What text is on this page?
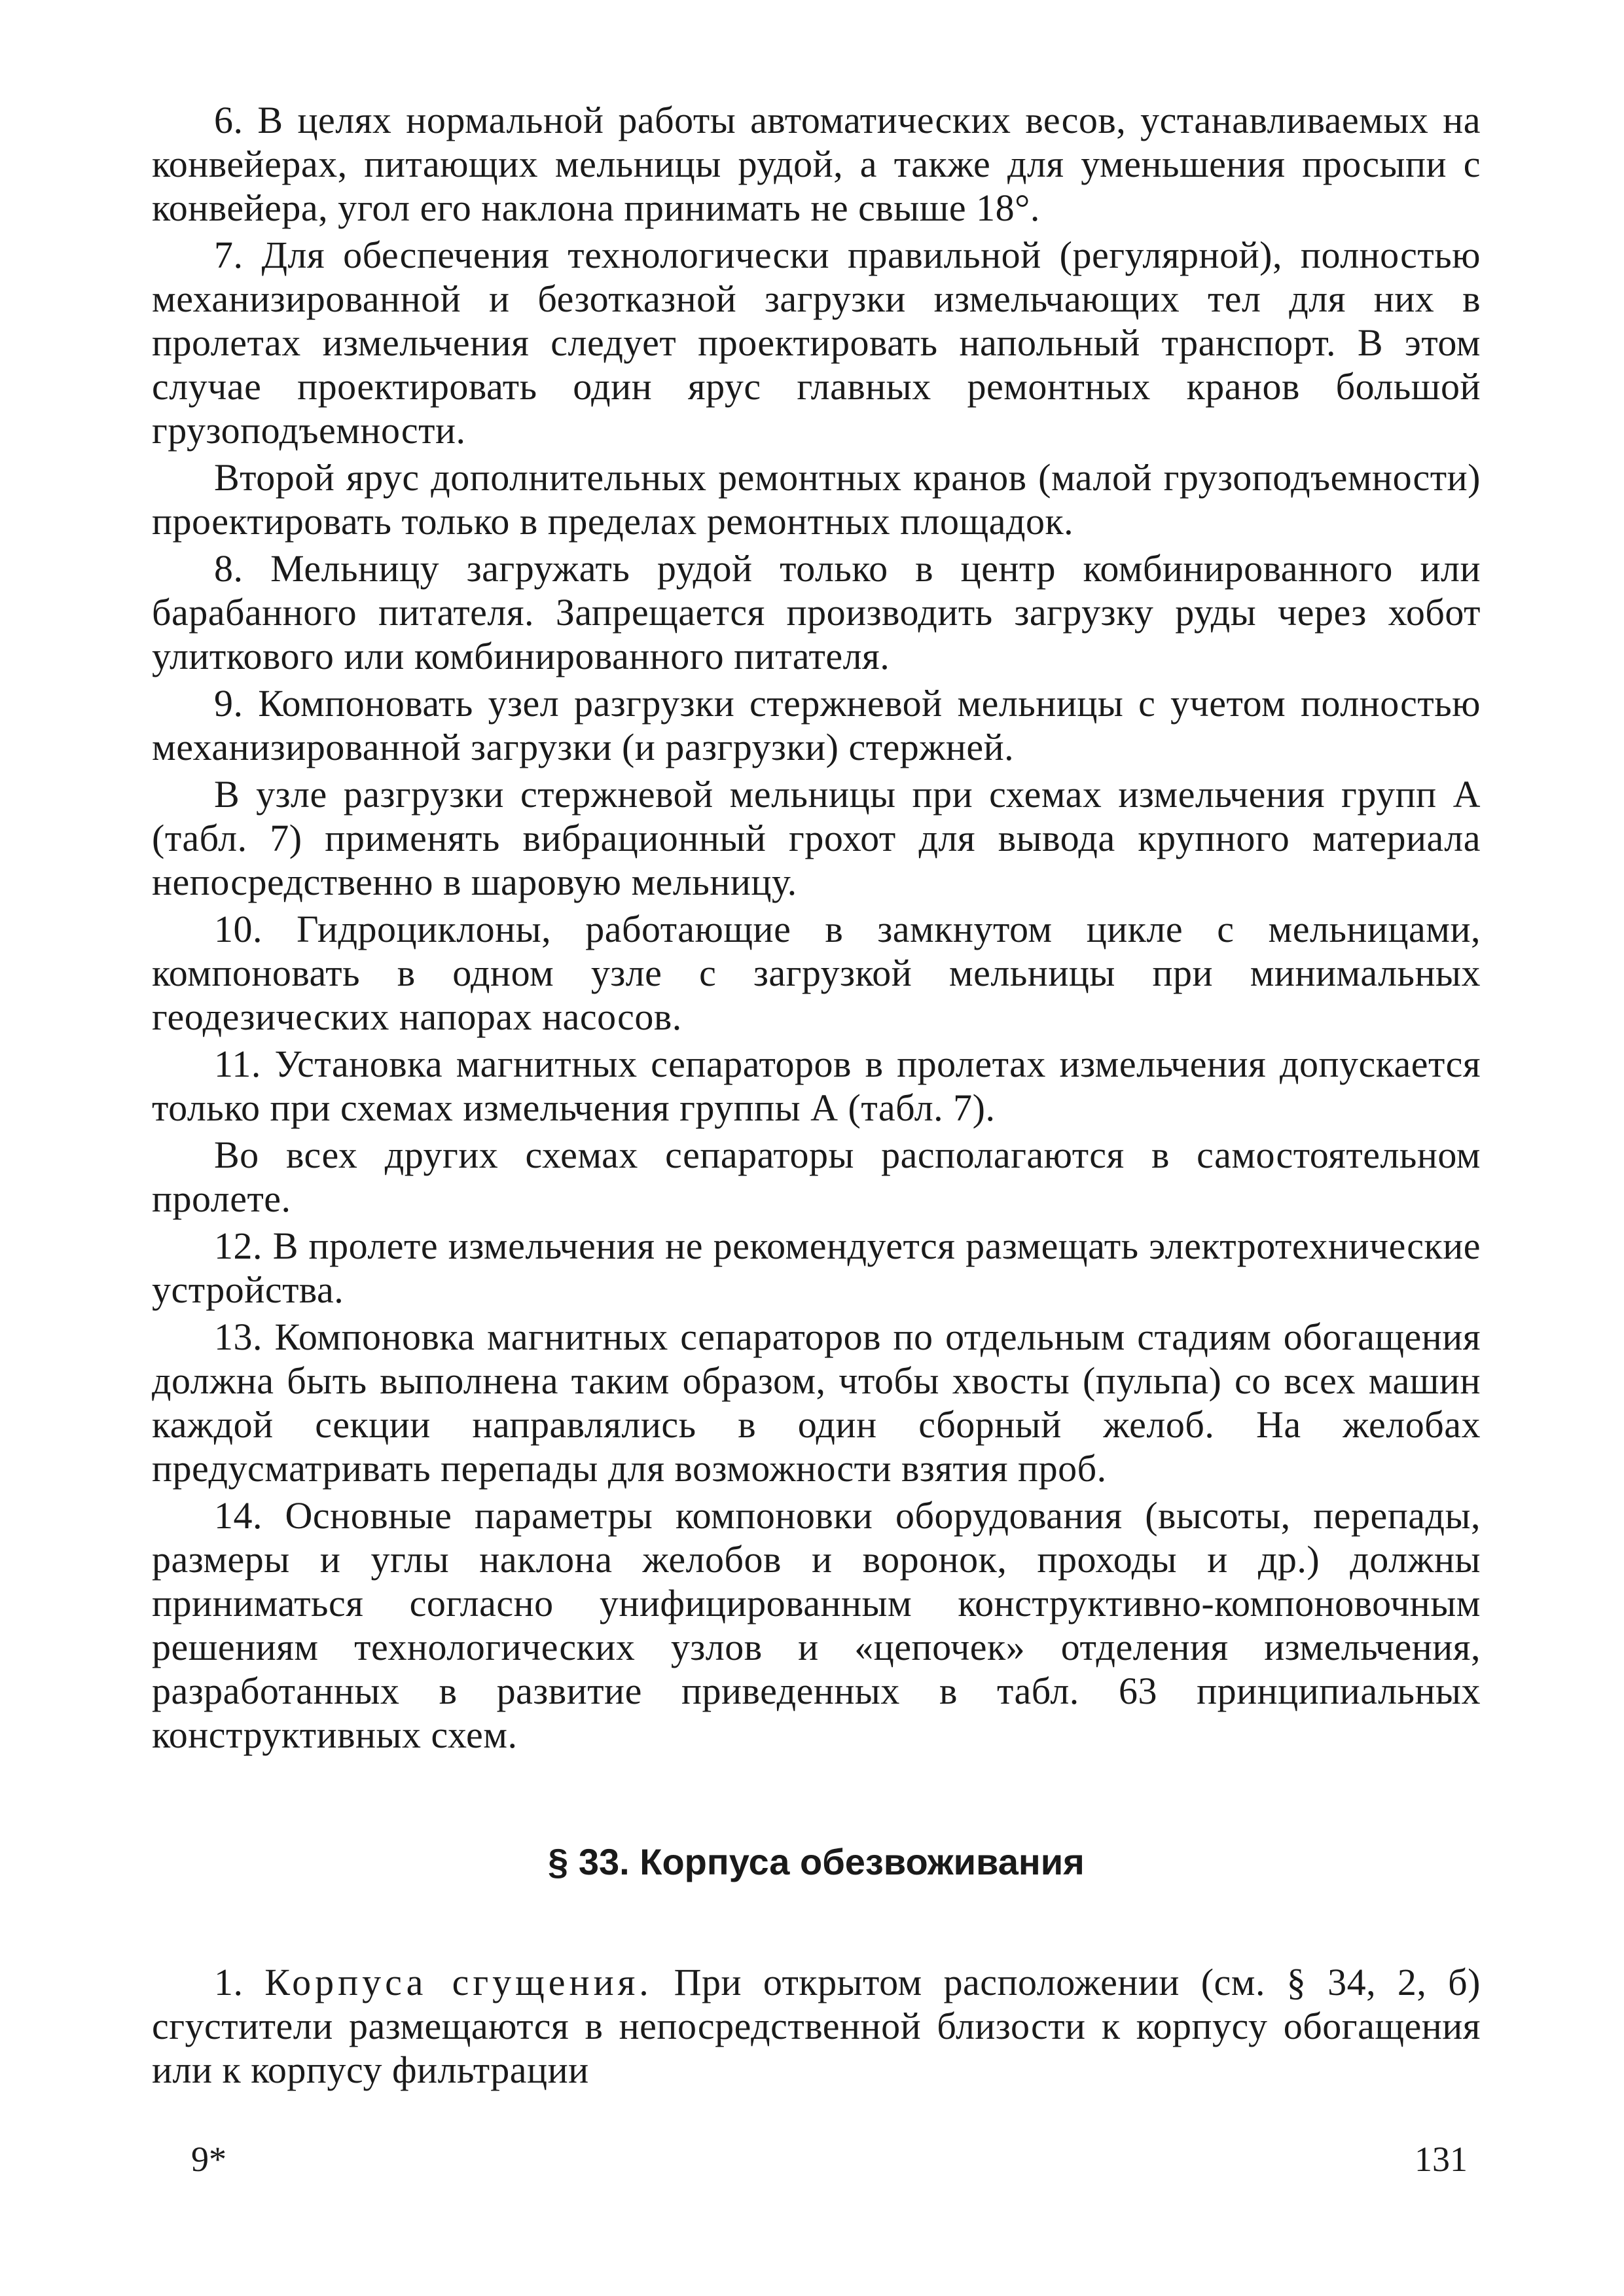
6. В целях нормальной работы автоматических весов, устанавливаемых на конвейерах, питающих мельницы рудой, а также для уменьшения просыпи с конвейера, угол его наклона принимать не свыше 18°.

7. Для обеспечения технологически правильной (регулярной), полностью механизированной и безотказной загрузки измельчающих тел для них в пролетах измельчения следует проектировать напольный транспорт. В этом случае проектировать один ярус главных ремонтных кранов большой грузоподъемности.

Второй ярус дополнительных ремонтных кранов (малой грузоподъемности) проектировать только в пределах ремонтных площадок.

8. Мельницу загружать рудой только в центр комбинированного или барабанного питателя. Запрещается производить загрузку руды через хобот улиткового или комбинированного питателя.

9. Компоновать узел разгрузки стержневой мельницы с учетом полностью механизированной загрузки (и разгрузки) стержней.

В узле разгрузки стержневой мельницы при схемах измельчения групп А (табл. 7) применять вибрационный грохот для вывода крупного материала непосредственно в шаровую мельницу.

10. Гидроциклоны, работающие в замкнутом цикле с мельницами, компоновать в одном узле с загрузкой мельницы при минимальных геодезических напорах насосов.

11. Установка магнитных сепараторов в пролетах измельчения допускается только при схемах измельчения группы А (табл. 7).

Во всех других схемах сепараторы располагаются в самостоятельном пролете.

12. В пролете измельчения не рекомендуется размещать электротехнические устройства.

13. Компоновка магнитных сепараторов по отдельным стадиям обогащения должна быть выполнена таким образом, чтобы хвосты (пульпа) со всех машин каждой секции направлялись в один сборный желоб. На желобах предусматривать перепады для возможности взятия проб.

14. Основные параметры компоновки оборудования (высоты, перепады, размеры и углы наклона желобов и воронок, проходы и др.) должны приниматься согласно унифицированным конструктивно-компоновочным решениям технологических узлов и «цепочек» отделения измельчения, разработанных в развитие приведенных в табл. 63 принципиальных конструктивных схем.

§ 33. Корпуса обезвоживания

1. Корпуса сгущения. При открытом расположении (см. § 34, 2, б) сгустители размещаются в непосредственной близости к корпусу обогащения или к корпусу фильтрации

9*	131
